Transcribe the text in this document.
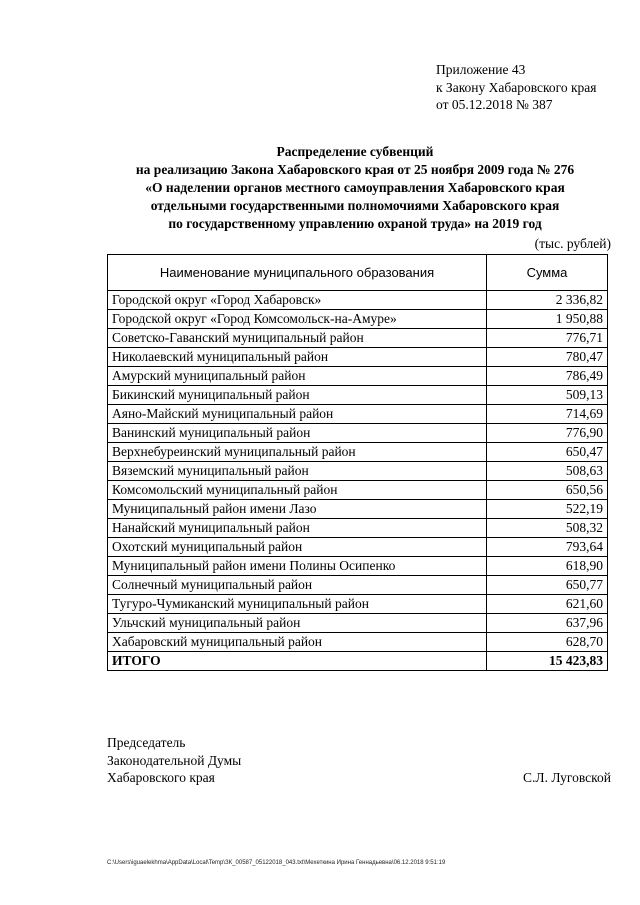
Приложение 43
к Закону Хабаровского края
от 05.12.2018 № 387
Распределение субвенций
на реализацию Закона Хабаровского края от 25 ноября 2009 года № 276
«О наделении органов местного самоуправления Хабаровского края
отдельными государственными полномочиями Хабаровского края
по государственному управлению охраной труда» на 2019 год
(тыс. рублей)
Наименование муниципального образования	Сумма
Городской округ «Город Хабаровск»	2 336,82
Городской округ «Город Комсомольск-на-Амуре»	1 950,88
Советско-Гаванский муниципальный район	776,71
Николаевский муниципальный район	780,47
Амурский муниципальный район	786,49
Бикинский муниципальный район	509,13
Аяно-Майский муниципальный район	714,69
Ванинский муниципальный район	776,90
Верхнебуреинский муниципальный район	650,47
Вяземский муниципальный район	508,63
Комсомольский муниципальный район	650,56
Муниципальный район имени Лазо	522,19
Нанайский муниципальный район	508,32
Охотский муниципальный район	793,64
Муниципальный район имени Полины Осипенко	618,90
Солнечный муниципальный район	650,77
Тугуро-Чумиканский муниципальный район	621,60
Ульчский муниципальный район	637,96
Хабаровский муниципальный район	628,70
ИТОГО	15 423,83
Председатель
Законодательной Думы
Хабаровского края	С.Л. Луговской
C:\Users\iguaelekhma\AppData\Local\Temp\ЗК_00587_05122018_043.txt\Мехеткина Ирина Геннадьевна\06.12.2018 9:51:19
